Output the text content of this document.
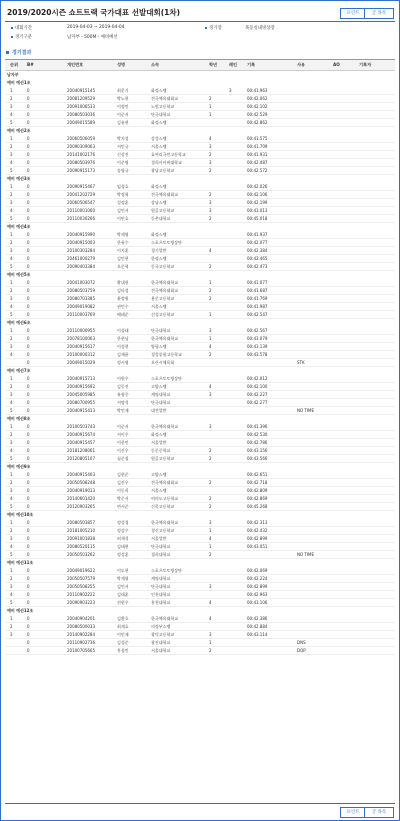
2019/2020시즌 쇼트트랙 국가대표 선발대회(1차)	프린트	글 목록
대회기간	2019-04-03 ~ 2019-04-04	경기장	목동실내빙상장
경기구분	남자부 - 500M - 예비예선
경기결과
순위 B#	개인번호	성명	소속	학년	레인 기록	사유	AO	기록자
남자부
예비 예선1조
1	0	20040915145	최운기	화정스앵	3	00:41.963
2	0	20081209529	박노현	전국체육대회교	2	00:42.062
3	0	20091006533	이정민	노원고등학교	1	00:42.102
4	0	20080503036	이준서	단국대학교	1	00:42.529
5	0	20049015589	김유현	화정스앵	00:42.862
예비 예선2조
1	0	20060506059	박지성	상성스앵	4	00:41.575
2	0	20090309063	서민규	서울스앵	3	00:41.709
3	0	20141002176	신상진	효여리국민고등학교	2	00:41.931
4	0	20080503976	이준영	경희사이버대학교	3	00:42.487
5	0	20090915173	송영규	광남고등학교	2	00:42.572
예비 예선3조
1	0	20090915467	임경호	화정스앵	00:42.026
2	0	20041202729	박정혁	전국체육대회교	2	00:42.106
3	0	20060506547	설정훈	상남스앵	3	00:42.199
4	0	20110001060	김민서	원골고등학교	3	00:43.013
5	0	20110030266	이민호	동촌대학교	2	00:45.018
예비 예선4조
1	0	20040915990	박세영	화정스앵	00:41.937
2	0	20040915003	한유수	스포츠토토빙상단	00:42.077
3	0	20100303284	이지훈	경기일반	4	00:42.384
4	0	20461000279	김민현	한정스앵	00:42.465
5	0	20090403384	오준혁	동국고등학교	2	00:42.473
예비 예선5조
1	0	20041003072	황대헌	한국체육대학교	1	00:41.077
2	0	20080503759	김타성	전국체육대회교	2	00:41.687
3	0	20080703385	윤정원	용문고등학교	2	00:41.769
4	0	20049019082	권민수	서울스앵	00:41.987
5	0	20110003769	배태준	신성고등학교	1	00:42.547
예비 예선6조
1	0	20110000955	이성태	단국대학교	3	00:42.567
2	0	20078100063	한현남	한국체육대학교	1	00:43.079
3	0	20040915617	이성현	양평스앵	4	00:43.139
4	0	20100000312	김재윤	경성종합고등학교	2	00:43.578
0	20049015029	정시영	오산시체육회	STK
예비 예선7조
1	0	20040915713	이원우	스포츠토토빙상단	00:42.012
2	0	20040915692	김동진	고양스앵	4	00:42.100
3	0	20045005985	유형중	계명대학교	3	00:42.227
4	0	20080700955	서명석	단국대학교	00:42.277
5	0	20040915413	박민재	대전일반	NO TIME
예비 예선8조
1	0	20100503743	이준서	한국체육대학교	3	00:41.396
2	0	20040915674	서이우	화정스앵	00:42.530
3	0	20040915457	이한민	서울일반	00:42.786
4	0	20181208061	이진우	동문중학교	2	00:43.156
5	0	20120805107	심준철	원골고등학교	2	00:43.566
예비 예선9조
1	0	20040915403	김현준	고양스앵	00:42.651
2	0	20050508248	김진우	전국체육대회교	2	00:42.718
3	0	20040919013	이동희	서울스앵	00:42.809
4	0	20140601420	박준서	여의도고등학교	2	00:42.869
5	0	20120903265	변서준	신목고등학교	2	00:45.268
예비 예선10조
1	0	20080503857	정성경	한국체육대학교	3	00:42.313
2	0	20181005210	정성우	경신고등학교	1	00:42.432
3	0	20091001838	허재석	서울일반	4	00:42.899
4	0	20080520115	김태현	단국대학교	1	00:43.051
5	0	20050503262	정성훈	경희대학교	2	NO TIME
예비 예선11조
1	0	20049019622	이도현	스포츠토토빙상단	00:42.069
2	0	20050507579	박재형	계명대학교	00:42.224
3	0	20050508255	김민서	단국대학교	3	00:42.899
4	0	20110902222	김태훈	인천대학교	00:42.963
5	0	20090903223	전현우	홍천대학교	4	00:43.106
예비 예선12조
1	0	20040904201	김환호	한국체육대학교	4	00:42.386
2	0	20080500033	최재호	의정부스앵	00:42.884
3	0	20140902284	이민재	광덕고등학교	3	00:43.114
0	20110902736	김성준	광진대학교	1	DNS
0	20100705665	홍경민	서울대학교	2	DQP
프린트	글 목록
